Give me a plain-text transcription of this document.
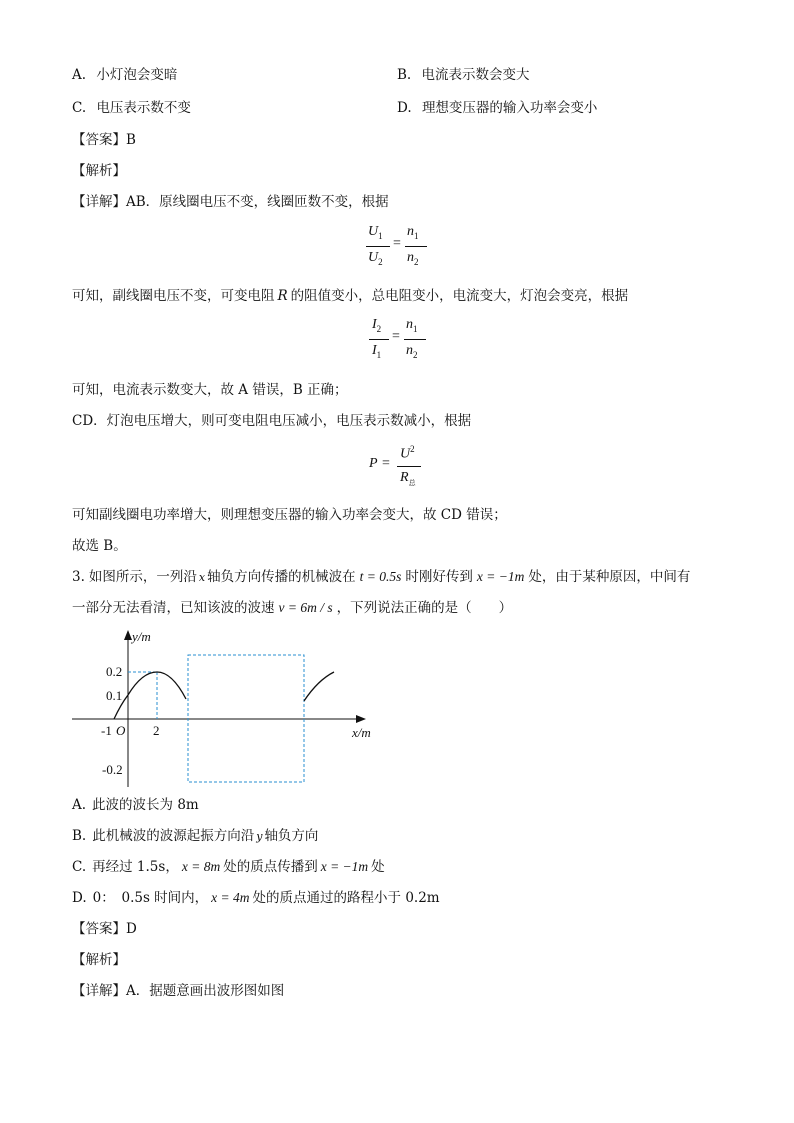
A. 小灯泡会变暗	B. 电流表示数会变大
C. 电压表示数不变	D. 理想变压器的输入功率会变小
【答案】B
【解析】
【详解】AB．原线圈电压不变，线圈匝数不变，根据
$U_1$
$U_2$
=
$n_1$
$n_2$
可知，副线圈电压不变，可变电阻 R 的阻值变小，总电阻变小，电流变大，灯泡会变亮，根据
$I_2$
$I_1$
=
$n_1$
$n_2$
可知，电流表示数变大，故 A 错误，B 正确；
CD．灯泡电压增大，则可变电阻电压减小，电压表示数减小，根据
P =
$U^2$
$R_总$
可知副线圈电功率增大，则理想变压器的输入功率会变大，故 CD 错误；
故选 B。
3. 如图所示，一列沿 x 轴负方向传播的机械波在 t = 0.5s 时刚好传到 x = −1m 处，由于某种原因，中间有
一部分无法看清，已知该波的波速 v = 6m / s ，下列说法正确的是（　　）
y/m
x/m
0.2
0.1
-0.2
-1 O 2
A. 此波的波长为 8m
B. 此机械波的波源起振方向沿 y 轴负方向
C. 再经过 1.5s， x = 8m 处的质点传播到 x = −1m 处
D. 0：　0.5s 时间内， x = 4m 处的质点通过的路程小于 0.2m
【答案】D
【解析】
【详解】A．据题意画出波形图如图
